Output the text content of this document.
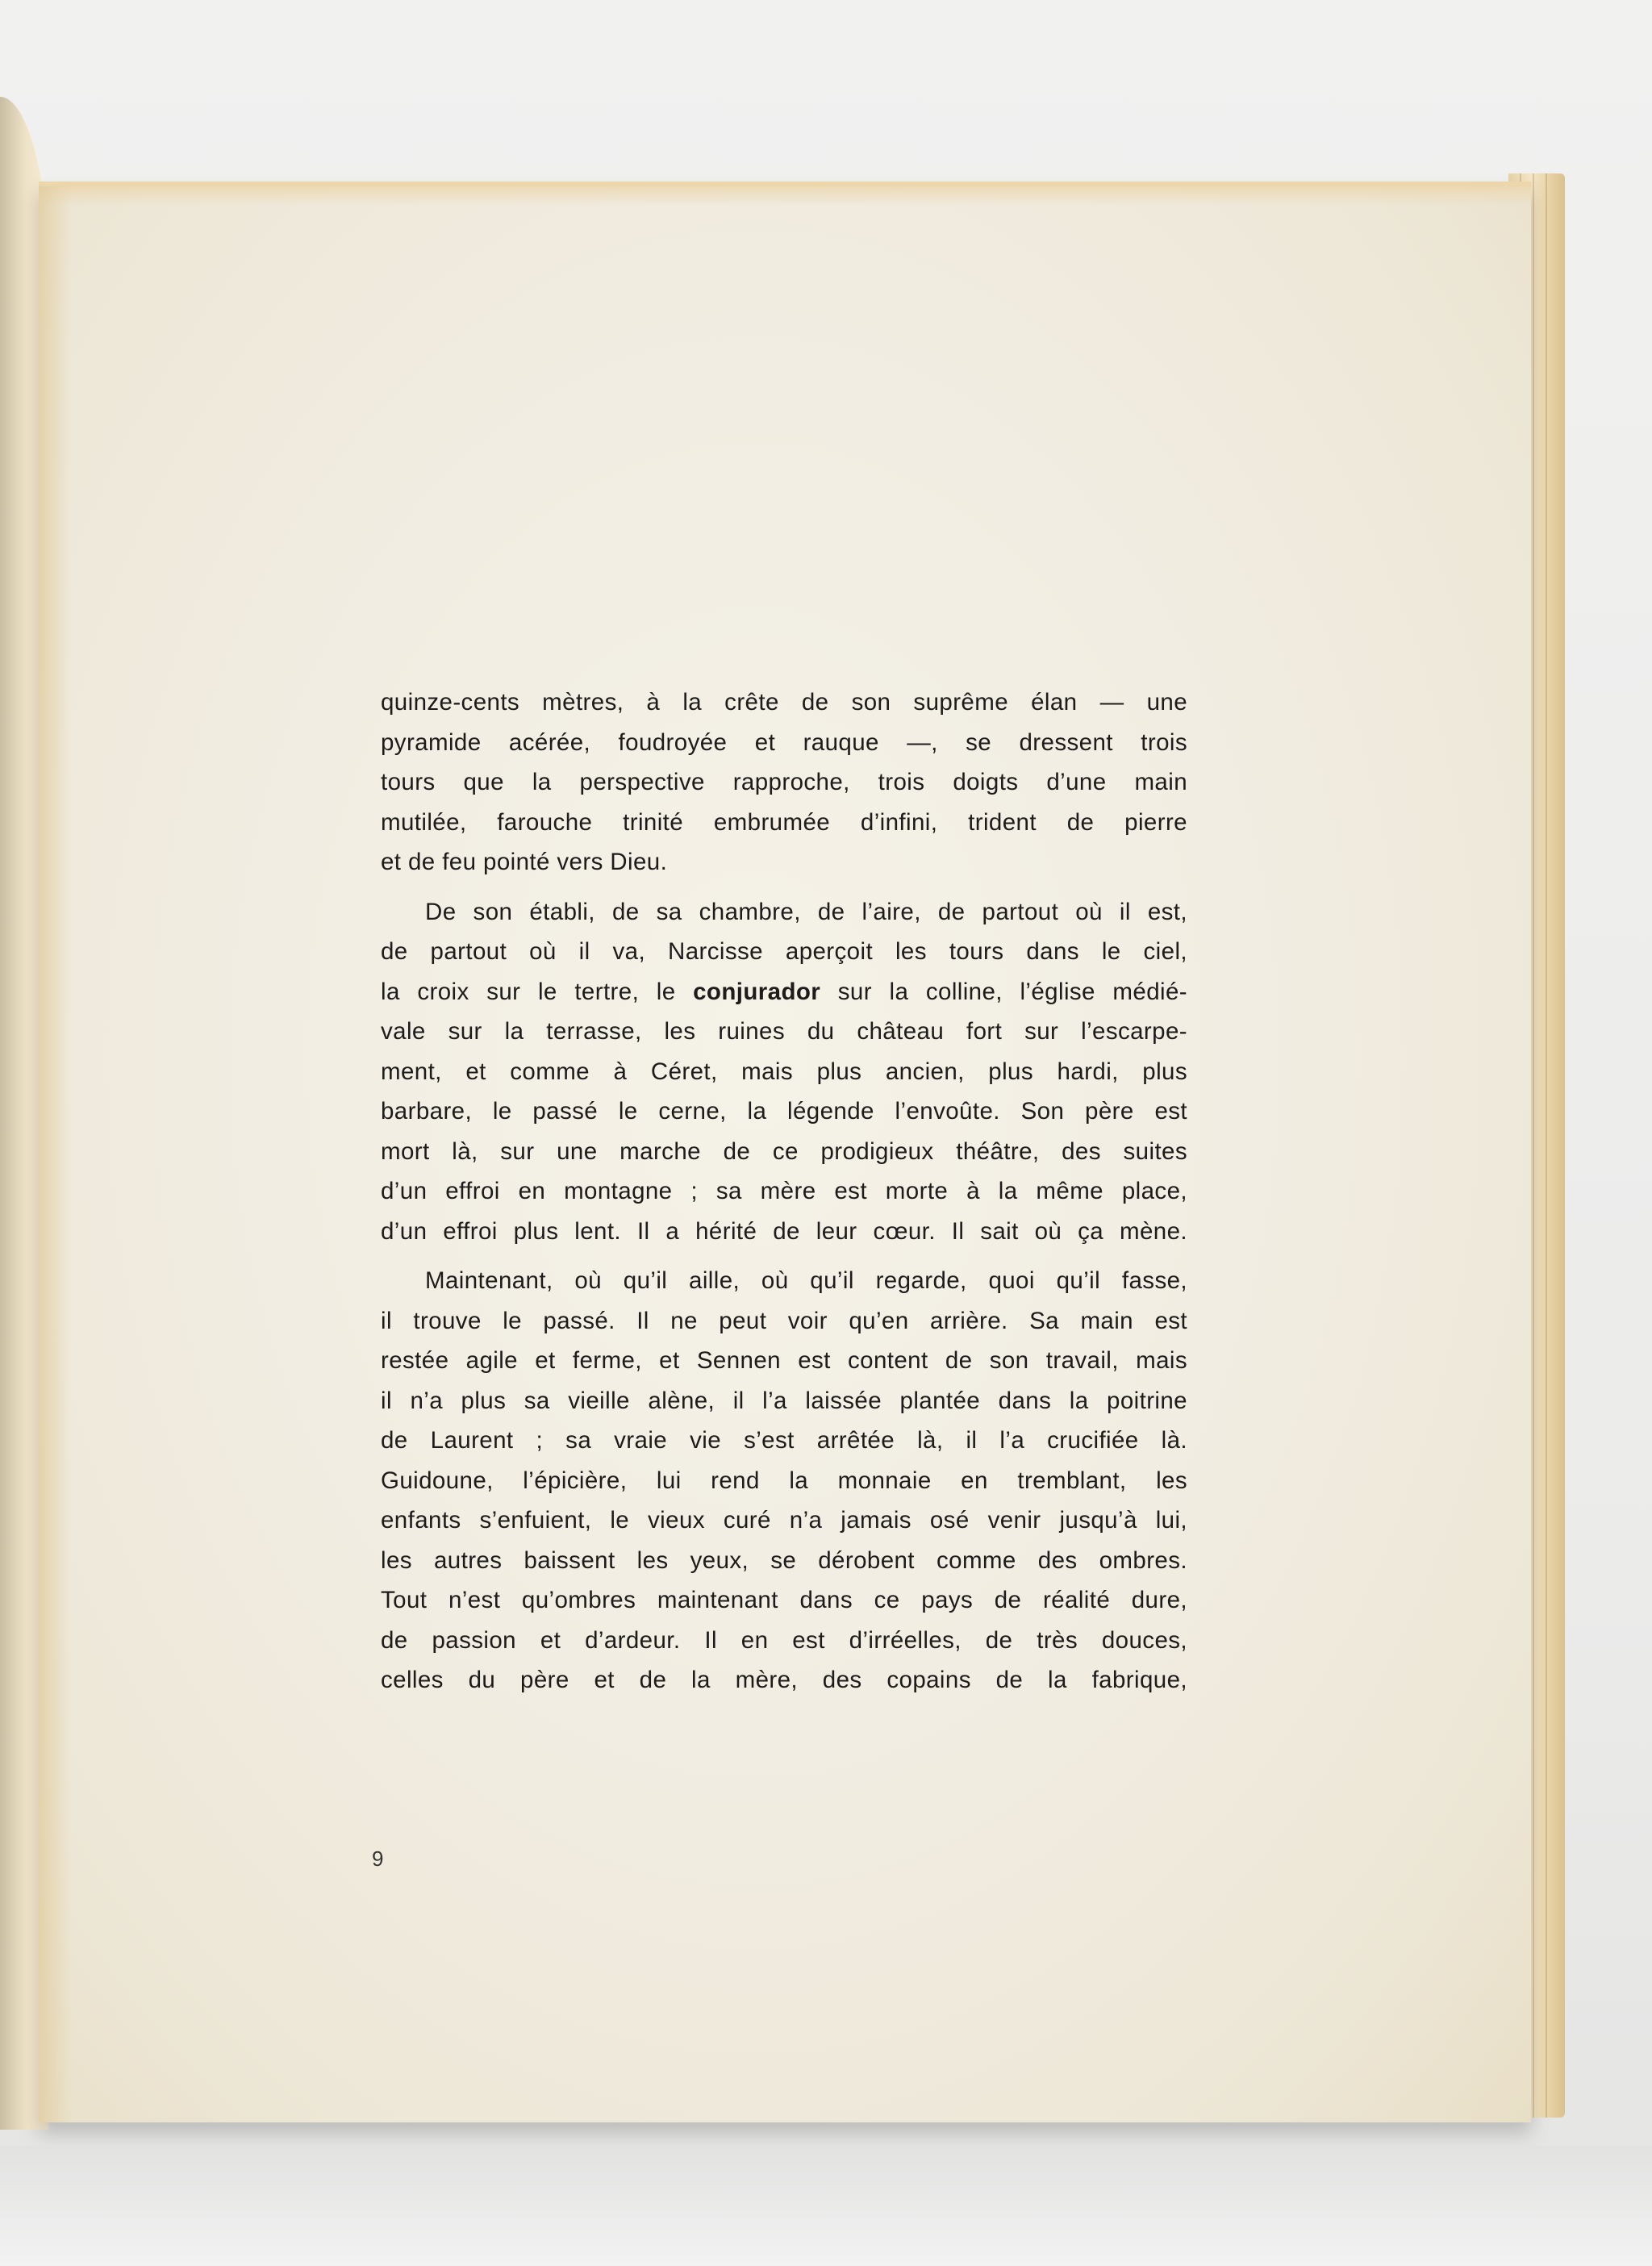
quinze-cents mètres, à la crête de son suprême élan — une
pyramide acérée, foudroyée et rauque —, se dressent trois
tours que la perspective rapproche, trois doigts d’une main
mutilée, farouche trinité embrumée d’infini, trident de pierre
et de feu pointé vers Dieu.
De son établi, de sa chambre, de l’aire, de partout où il est,
de partout où il va, Narcisse aperçoit les tours dans le ciel,
la croix sur le tertre, le conjurador sur la colline, l’église médié-
vale sur la terrasse, les ruines du château fort sur l’escarpe-
ment, et comme à Céret, mais plus ancien, plus hardi, plus
barbare, le passé le cerne, la légende l’envoûte. Son père est
mort là, sur une marche de ce prodigieux théâtre, des suites
d’un effroi en montagne ; sa mère est morte à la même place,
d’un effroi plus lent. Il a hérité de leur cœur. Il sait où ça mène.
Maintenant, où qu’il aille, où qu’il regarde, quoi qu’il fasse,
il trouve le passé. Il ne peut voir qu’en arrière. Sa main est
restée agile et ferme, et Sennen est content de son travail, mais
il n’a plus sa vieille alène, il l’a laissée plantée dans la poitrine
de Laurent ; sa vraie vie s’est arrêtée là, il l’a crucifiée là.
Guidoune, l’épicière, lui rend la monnaie en tremblant, les
enfants s’enfuient, le vieux curé n’a jamais osé venir jusqu’à lui,
les autres baissent les yeux, se dérobent comme des ombres.
Tout n’est qu’ombres maintenant dans ce pays de réalité dure,
de passion et d’ardeur. Il en est d’irréelles, de très douces,
celles du père et de la mère, des copains de la fabrique,
9
